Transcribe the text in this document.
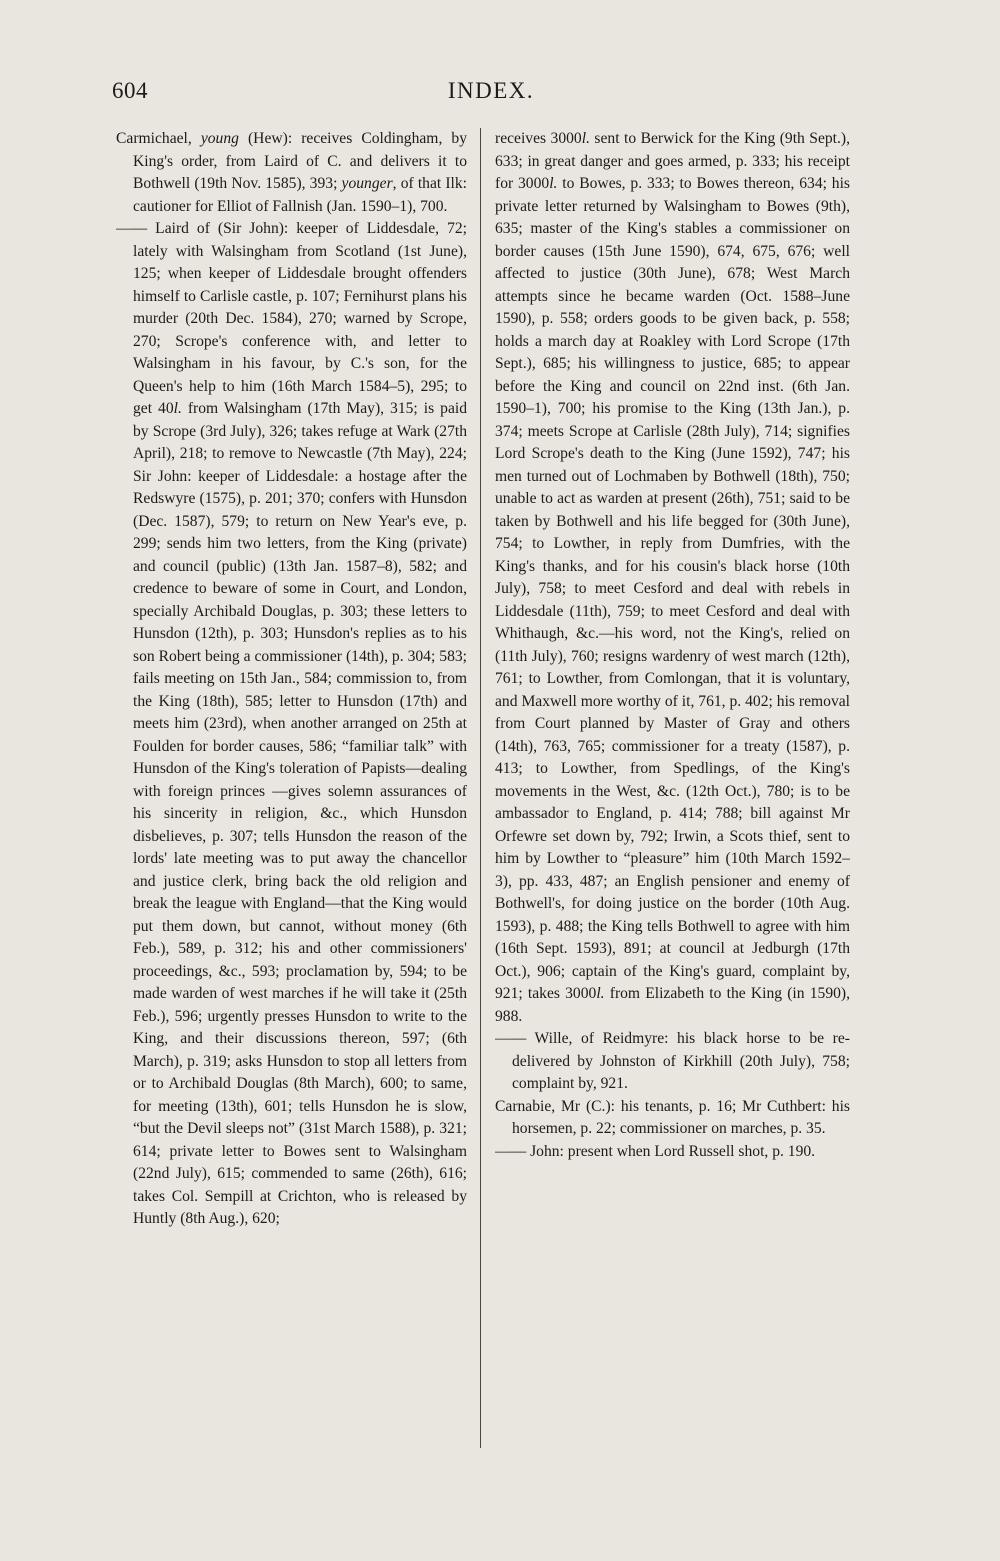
604	INDEX.

Carmichael, young (Hew): receives Coldingham, by King's order, from Laird of C. and delivers it to Bothwell (19th Nov. 1585), 393; younger, of that Ilk: cautioner for Elliot of Fallnish (Jan. 1590–1), 700.

—— Laird of (Sir John): keeper of Liddesdale, 72; lately with Walsingham from Scotland (1st June), 125; when keeper of Liddesdale brought offenders himself to Carlisle castle, p. 107; Fernihurst plans his murder (20th Dec. 1584), 270; warned by Scrope, 270; Scrope's conference with, and letter to Walsingham in his favour, by C.'s son, for the Queen's help to him (16th March 1584–5), 295; to get 40l. from Walsingham (17th May), 315; is paid by Scrope (3rd July), 326; takes refuge at Wark (27th April), 218; to remove to Newcastle (7th May), 224; Sir John: keeper of Liddesdale: a hostage after the Redswyre (1575), p. 201; 370; confers with Hunsdon (Dec. 1587), 579; to return on New Year's eve, p. 299; sends him two letters, from the King (private) and council (public) (13th Jan. 1587–8), 582; and credence to beware of some in Court, and London, specially Archibald Douglas, p. 303; these letters to Hunsdon (12th), p. 303; Hunsdon's replies as to his son Robert being a commissioner (14th), p. 304; 583; fails meeting on 15th Jan., 584; commission to, from the King (18th), 585; letter to Hunsdon (17th) and meets him (23rd), when another arranged on 25th at Foulden for border causes, 586; “familiar talk” with Hunsdon of the King's toleration of Papists—dealing with foreign princes —gives solemn assurances of his sincerity in religion, &c., which Hunsdon disbelieves, p. 307; tells Hunsdon the reason of the lords' late meeting was to put away the chancellor and justice clerk, bring back the old religion and break the league with England—that the King would put them down, but cannot, without money (6th Feb.), 589, p. 312; his and other commissioners' proceedings, &c., 593; proclamation by, 594; to be made warden of west marches if he will take it (25th Feb.), 596; urgently presses Hunsdon to write to the King, and their discussions thereon, 597; (6th March), p. 319; asks Hunsdon to stop all letters from or to Archibald Douglas (8th March), 600; to same, for meeting (13th), 601; tells Hunsdon he is slow, “but the Devil sleeps not” (31st March 1588), p. 321; 614; private letter to Bowes sent to Walsingham (22nd July), 615; commended to same (26th), 616; takes Col. Sempill at Crichton, who is released by Huntly (8th Aug.), 620;

receives 3000l. sent to Berwick for the King (9th Sept.), 633; in great danger and goes armed, p. 333; his receipt for 3000l. to Bowes, p. 333; to Bowes thereon, 634; his private letter returned by Walsingham to Bowes (9th), 635; master of the King's stables a commissioner on border causes (15th June 1590), 674, 675, 676; well affected to justice (30th June), 678; West March attempts since he became warden (Oct. 1588–June 1590), p. 558; orders goods to be given back, p. 558; holds a march day at Roakley with Lord Scrope (17th Sept.), 685; his willingness to justice, 685; to appear before the King and council on 22nd inst. (6th Jan. 1590–1), 700; his promise to the King (13th Jan.), p. 374; meets Scrope at Carlisle (28th July), 714; signifies Lord Scrope's death to the King (June 1592), 747; his men turned out of Lochmaben by Bothwell (18th), 750; unable to act as warden at present (26th), 751; said to be taken by Bothwell and his life begged for (30th June), 754; to Lowther, in reply from Dumfries, with the King's thanks, and for his cousin's black horse (10th July), 758; to meet Cesford and deal with rebels in Liddesdale (11th), 759; to meet Cesford and deal with Whithaugh, &c.—his word, not the King's, relied on (11th July), 760; resigns wardenry of west march (12th), 761; to Lowther, from Comlongan, that it is voluntary, and Maxwell more worthy of it, 761, p. 402; his removal from Court planned by Master of Gray and others (14th), 763, 765; commissioner for a treaty (1587), p. 413; to Lowther, from Spedlings, of the King's movements in the West, &c. (12th Oct.), 780; is to be ambassador to England, p. 414; 788; bill against Mr Orfewre set down by, 792; Irwin, a Scots thief, sent to him by Lowther to “pleasure” him (10th March 1592–3), pp. 433, 487; an English pensioner and enemy of Bothwell's, for doing justice on the border (10th Aug. 1593), p. 488; the King tells Bothwell to agree with him (16th Sept. 1593), 891; at council at Jedburgh (17th Oct.), 906; captain of the King's guard, complaint by, 921; takes 3000l. from Elizabeth to the King (in 1590), 988.

—— Wille, of Reidmyre: his black horse to be re-delivered by Johnston of Kirkhill (20th July), 758; complaint by, 921.

Carnabie, Mr (C.): his tenants, p. 16; Mr Cuthbert: his horsemen, p. 22; commissioner on marches, p. 35.

—— John: present when Lord Russell shot, p. 190.
